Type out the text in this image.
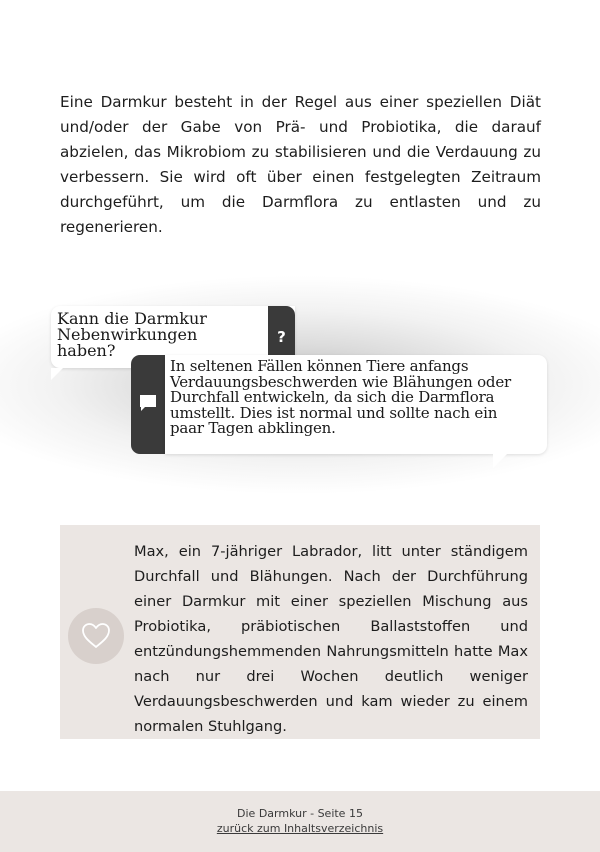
Eine Darmkur besteht in der Regel aus einer speziellen Diät und/oder der Gabe von Prä- und Probiotika, die darauf abzielen, das Mikrobiom zu stabilisieren und die Verdauung zu verbessern. Sie wird oft über einen festgelegten Zeitraum durchgeführt, um die Darmflora zu entlasten und zu regenerieren.

Kann die Darmkur Nebenwirkungen haben?

?

In seltenen Fällen können Tiere anfangs Verdauungsbeschwerden wie Blähungen oder Durchfall entwickeln, da sich die Darmflora umstellt. Dies ist normal und sollte nach ein paar Tagen abklingen.

Max, ein 7-jähriger Labrador, litt unter ständigem Durchfall und Blähungen. Nach der Durchführung einer Darmkur mit einer speziellen Mischung aus Probiotika, präbiotischen Ballaststoffen und entzündungshemmenden Nahrungsmitteln hatte Max nach nur drei Wochen deutlich weniger Verdauungsbeschwerden und kam wieder zu einem normalen Stuhlgang.

Die Darmkur - Seite 15
zurück zum Inhaltsverzeichnis
